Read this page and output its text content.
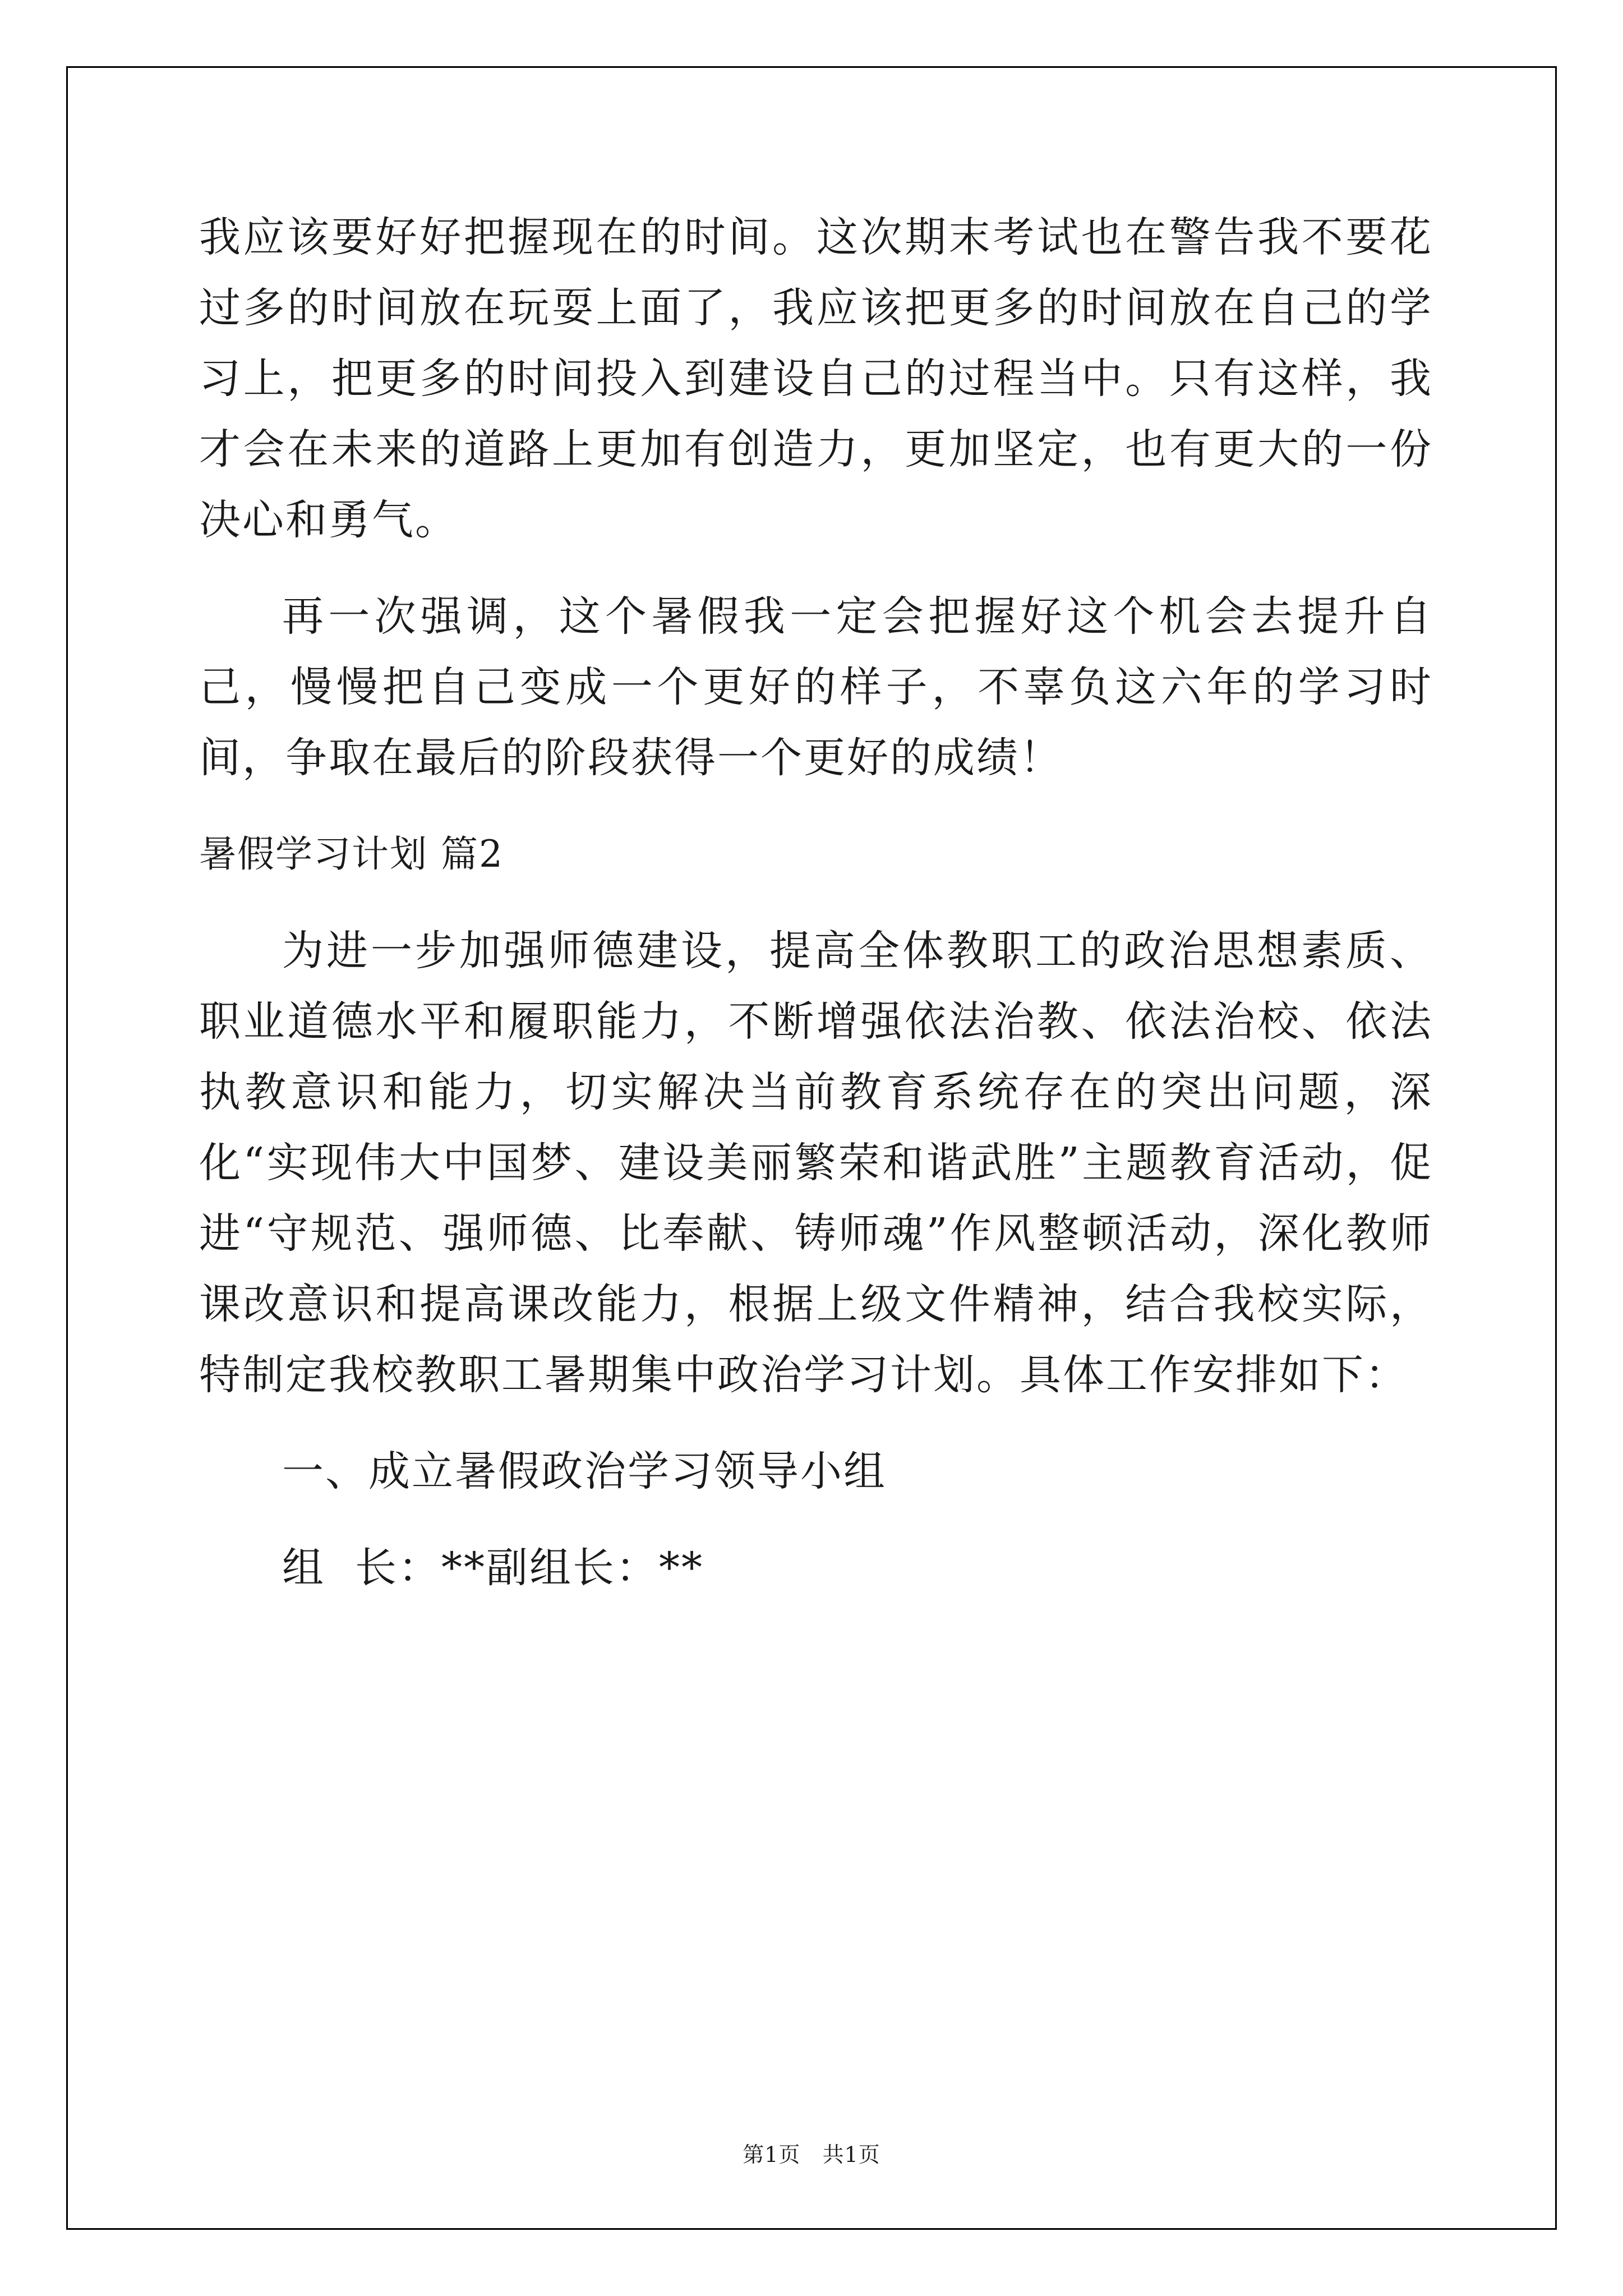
我应该要好好把握现在的时间。这次期末考试也在警告我不要花过多的时间放在玩耍上面了，我应该把更多的时间放在自己的学习上，把更多的时间投入到建设自己的过程当中。只有这样，我才会在未来的道路上更加有创造力，更加坚定，也有更大的一份决心和勇气。

再一次强调，这个暑假我一定会把握好这个机会去提升自己，慢慢把自己变成一个更好的样子，不辜负这六年的学习时间，争取在最后的阶段获得一个更好的成绩！

暑假学习计划 篇2

为进一步加强师德建设，提高全体教职工的政治思想素质、职业道德水平和履职能力，不断增强依法治教、依法治校、依法执教意识和能力，切实解决当前教育系统存在的突出问题，深化“实现伟大中国梦、建设美丽繁荣和谐武胜”主题教育活动，促进“守规范、强师德、比奉献、铸师魂”作风整顿活动，深化教师课改意识和提高课改能力，根据上级文件精神，结合我校实际，特制定我校教职工暑期集中政治学习计划。具体工作安排如下：

一、成立暑假政治学习领导小组

组  长：**副组长：**

第1页   共1页
